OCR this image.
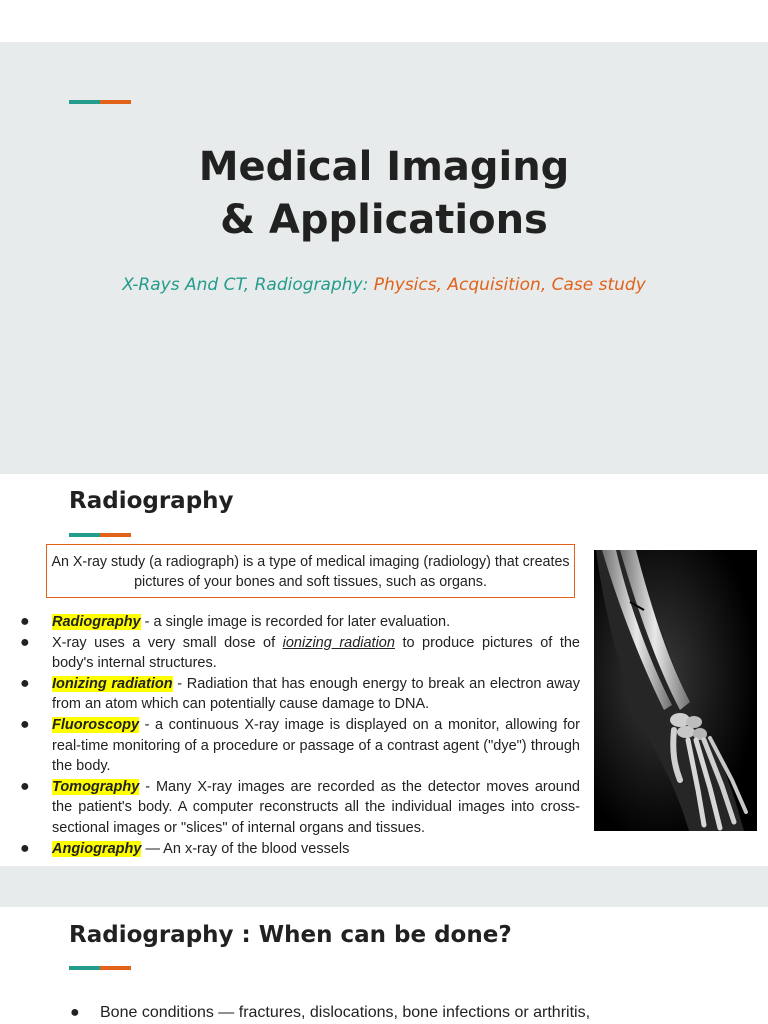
Medical Imaging
& Applications
X-Rays And CT, Radiography: Physics, Acquisition, Case study
Radiography
An X-ray study (a radiograph) is a type of medical imaging (radiology) that creates pictures of your bones and soft tissues, such as organs.
● Radiography - a single image is recorded for later evaluation.
● X-ray uses a very small dose of ionizing radiation to produce pictures of the body's internal structures.
● Ionizing radiation - Radiation that has enough energy to break an electron away from an atom which can potentially cause damage to DNA.
● Fluoroscopy - a continuous X-ray image is displayed on a monitor, allowing for real-time monitoring of a procedure or passage of a contrast agent ("dye") through the body.
● Tomography - Many X-ray images are recorded as the detector moves around the patient's body. A computer reconstructs all the individual images into cross-sectional images or "slices" of internal organs and tissues.
● Angiography — An x-ray of the blood vessels
Radiography : When can be done?
● Bone conditions — fractures, dislocations, bone infections or arthritis,
